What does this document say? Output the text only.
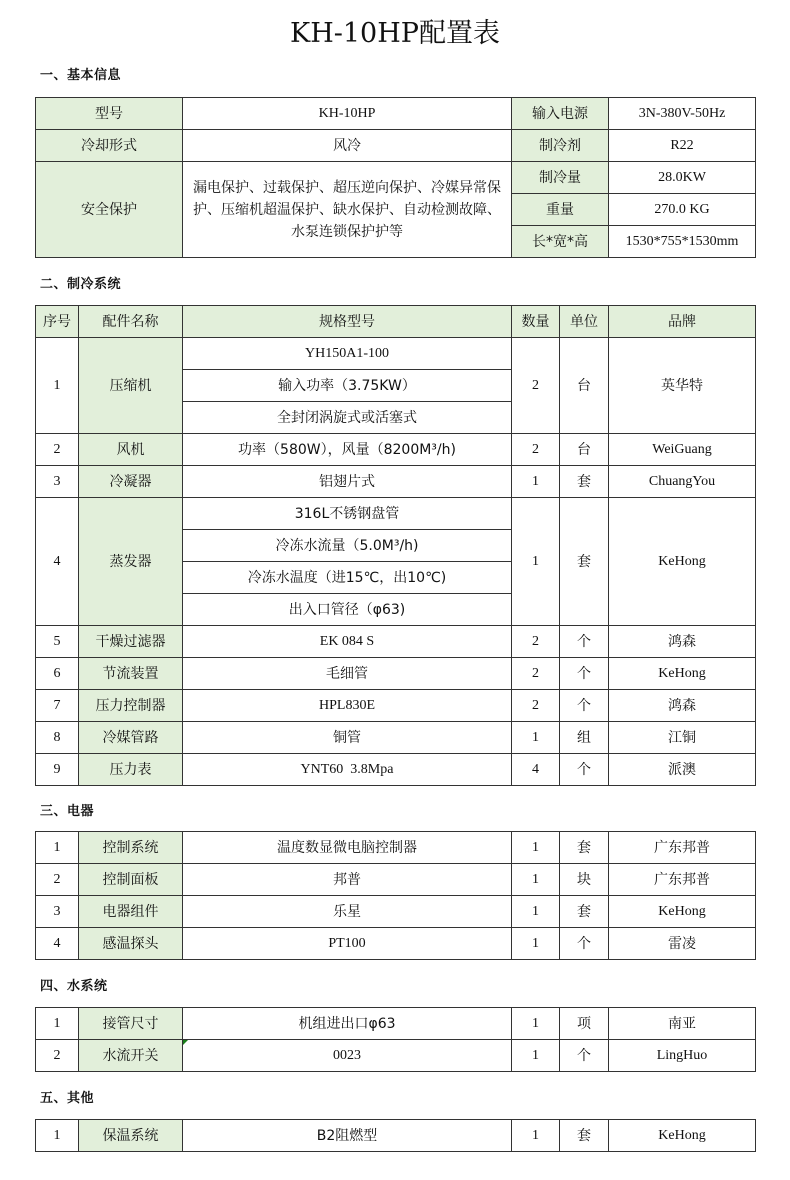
KH-10HP配置表
一、基本信息
型号	KH-10HP	输入电源	3N-380V-50Hz
冷却形式	风冷	制冷剂	R22
安全保护	漏电保护、过载保护、超压逆向保护、冷媒异常保护、压缩机超温保护、缺水保护、自动检测故障、水泵连锁保护护等	制冷量	28.0KW
		重量	270.0 KG
		长*宽*高	1530*755*1530mm
二、制冷系统
序号	配件名称	规格型号	数量	单位	品牌
1	压缩机	YH150A1-100	2	台	英华特
		输入功率（3.75KW）			
		全封闭涡旋式或活塞式			
2	风机	功率（580W），风量（8200M³/h)	2	台	WeiGuang
3	冷凝器	铝翅片式	1	套	ChuangYou
4	蒸发器	316L不锈钢盘管	1	套	KeHong
		冷冻水流量（5.0M³/h)			
		冷冻水温度（进15℃，出10℃)			
		出入口管径（φ63)			
5	干燥过滤器	EK 084 S	2	个	鸿森
6	节流装置	毛细管	2	个	KeHong
7	压力控制器	HPL830E	2	个	鸿森
8	冷媒管路	铜管	1	组	江铜
9	压力表	YNT60  3.8Mpa	4	个	派澳
三、电器
1	控制系统	温度数显微电脑控制器	1	套	广东邦普
2	控制面板	邦普	1	块	广东邦普
3	电器组件	乐星	1	套	KeHong
4	感温探头	PT100	1	个	雷凌
四、水系统
1	接管尺寸	机组进出口φ63	1	项	南亚
2	水流开关	0023	1	个	LingHuo
五、其他
1	保温系统	B2阻燃型	1	套	KeHong
